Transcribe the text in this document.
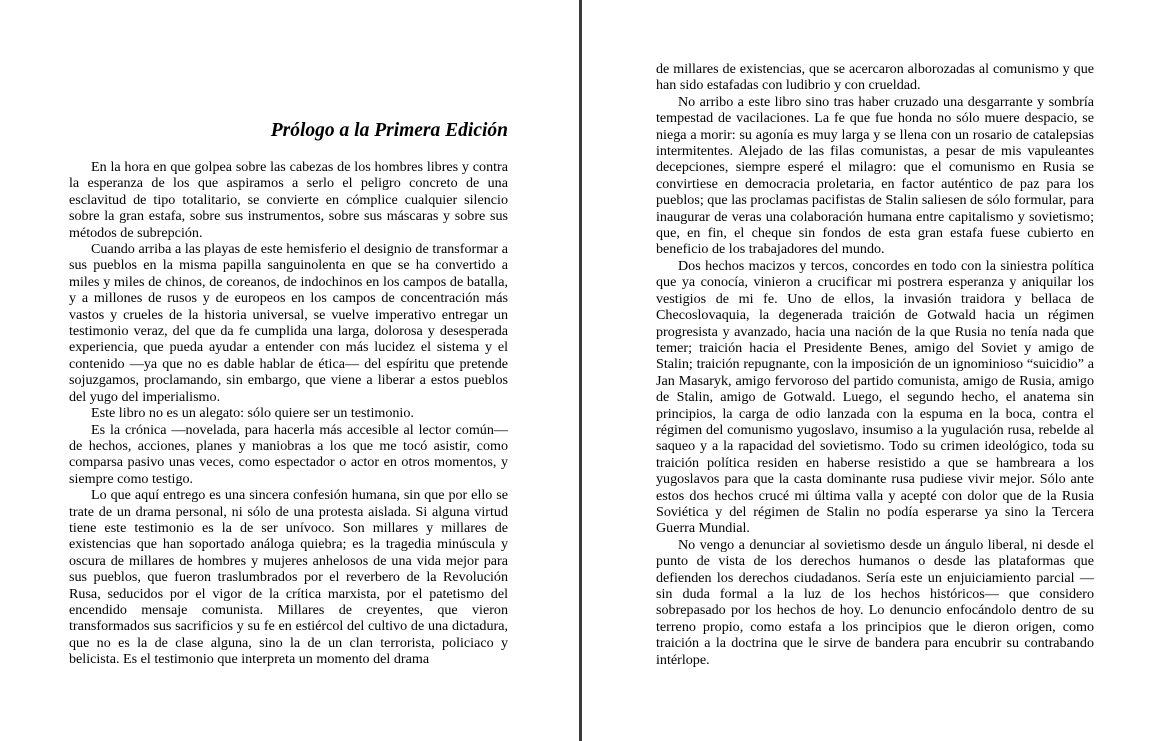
Prólogo a la Primera Edición

En la hora en que golpea sobre las cabezas de los hombres libres y contra la esperanza de los que aspiramos a serlo el peligro concreto de una esclavitud de tipo totalitario, se convierte en cómplice cualquier silencio sobre la gran estafa, sobre sus instrumentos, sobre sus máscaras y sobre sus métodos de subrepción.

Cuando arriba a las playas de este hemisferio el designio de transformar a sus pueblos en la misma papilla sanguinolenta en que se ha convertido a miles y miles de chinos, de coreanos, de indochinos en los campos de batalla, y a millones de rusos y de europeos en los campos de concentración más vastos y crueles de la historia universal, se vuelve imperativo entregar un testimonio veraz, del que da fe cumplida una larga, dolorosa y desesperada experiencia, que pueda ayudar a entender con más lucidez el sistema y el contenido —ya que no es dable hablar de ética— del espíritu que pretende sojuzgamos, proclamando, sin embargo, que viene a liberar a estos pueblos del yugo del imperialismo.

Este libro no es un alegato: sólo quiere ser un testimonio.

Es la crónica —novelada, para hacerla más accesible al lector común— de hechos, acciones, planes y maniobras a los que me tocó asistir, como comparsa pasivo unas veces, como espectador o actor en otros momentos, y siempre como testigo.

Lo que aquí entrego es una sincera confesión humana, sin que por ello se trate de un drama personal, ni sólo de una protesta aislada. Si alguna virtud tiene este testimonio es la de ser unívoco. Son millares y millares de existencias que han soportado análoga quiebra; es la tragedia minúscula y oscura de millares de hombres y mujeres anhelosos de una vida mejor para sus pueblos, que fueron traslumbrados por el reverbero de la Revolución Rusa, seducidos por el vigor de la crítica marxista, por el patetismo del encendido mensaje comunista. Millares de creyentes, que vieron transformados sus sacrificios y su fe en estiércol del cultivo de una dictadura, que no es la de clase alguna, sino la de un clan terrorista, policiaco y belicista. Es el testimonio que interpreta un momento del drama

de millares de existencias, que se acercaron alborozadas al comunismo y que han sido estafadas con ludibrio y con crueldad.

No arribo a este libro sino tras haber cruzado una desgarrante y sombría tempestad de vacilaciones. La fe que fue honda no sólo muere despacio, se niega a morir: su agonía es muy larga y se llena con un rosario de catalepsias intermitentes. Alejado de las filas comunistas, a pesar de mis vapuleantes decepciones, siempre esperé el milagro: que el comunismo en Rusia se convirtiese en democracia proletaria, en factor auténtico de paz para los pueblos; que las proclamas pacifistas de Stalin saliesen de sólo formular, para inaugurar de veras una colaboración humana entre capitalismo y sovietismo; que, en fin, el cheque sin fondos de esta gran estafa fuese cubierto en beneficio de los trabajadores del mundo.

Dos hechos macizos y tercos, concordes en todo con la siniestra política que ya conocía, vinieron a crucificar mi postrera esperanza y aniquilar los vestigios de mi fe. Uno de ellos, la invasión traidora y bellaca de Checoslovaquia, la degenerada traición de Gotwald hacia un régimen progresista y avanzado, hacia una nación de la que Rusia no tenía nada que temer; traición hacia el Presidente Benes, amigo del Soviet y amigo de Stalin; traición repugnante, con la imposición de un ignominioso “suicidio” a Jan Masaryk, amigo fervoroso del partido comunista, amigo de Rusia, amigo de Stalin, amigo de Gotwald. Luego, el segundo hecho, el anatema sin principios, la carga de odio lanzada con la espuma en la boca, contra el régimen del comunismo yugoslavo, insumiso a la yugulación rusa, rebelde al saqueo y a la rapacidad del sovietismo. Todo su crimen ideológico, toda su traición política residen en haberse resistido a que se hambreara a los yugoslavos para que la casta dominante rusa pudiese vivir mejor. Sólo ante estos dos hechos crucé mi última valla y acepté con dolor que de la Rusia Soviética y del régimen de Stalin no podía esperarse ya sino la Tercera Guerra Mundial.

No vengo a denunciar al sovietismo desde un ángulo liberal, ni desde el punto de vista de los derechos humanos o desde las plataformas que defienden los derechos ciudadanos. Sería este un enjuiciamiento parcial —sin duda formal a la luz de los hechos históricos— que considero sobrepasado por los hechos de hoy. Lo denuncio enfocándolo dentro de su terreno propio, como estafa a los principios que le dieron origen, como traición a la doctrina que le sirve de bandera para encubrir su contrabando intérlope.
